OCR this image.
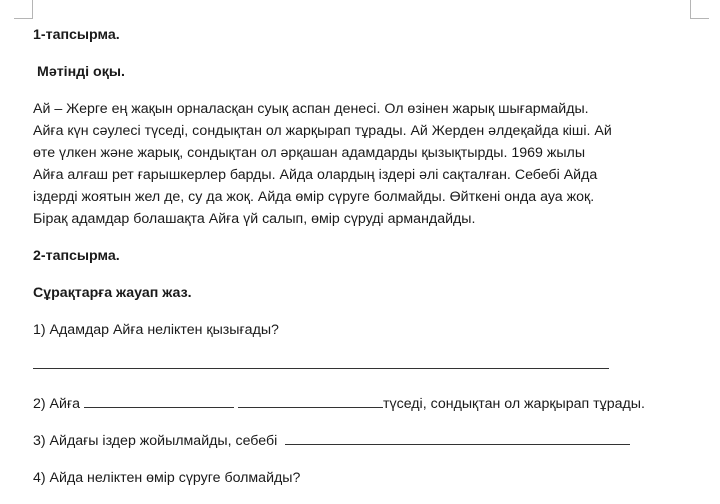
1-тапсырма.
Мәтінді оқы.
Ай – Жерге ең жақын орналасқан суық аспан денесі. Ол өзінен жарық шығармайды.
Айға күн сәулесі түседі, сондықтан ол жарқырап тұрады. Ай Жерден әлдеқайда кіші. Ай
өте үлкен және жарық, сондықтан ол әрқашан адамдарды қызықтырды. 1969 жылы
Айға алғаш рет ғарышкерлер барды. Айда олардың іздері әлі сақталған. Себебі Айда
іздерді жоятын жел де, су да жоқ. Айда өмір сүруге болмайды. Өйткені онда ауа жоқ.
Бірақ адамдар болашақта Айға үй салып, өмір сүруді армандайды.
2-тапсырма.
Сұрақтарға жауап жаз.
1) Адамдар Айға неліктен қызығады?
2) Айға	түседі, сондықтан ол жарқырап тұрады.
3) Айдағы іздер жойылмайды, себебі
4) Айда неліктен өмір сүруге болмайды?
